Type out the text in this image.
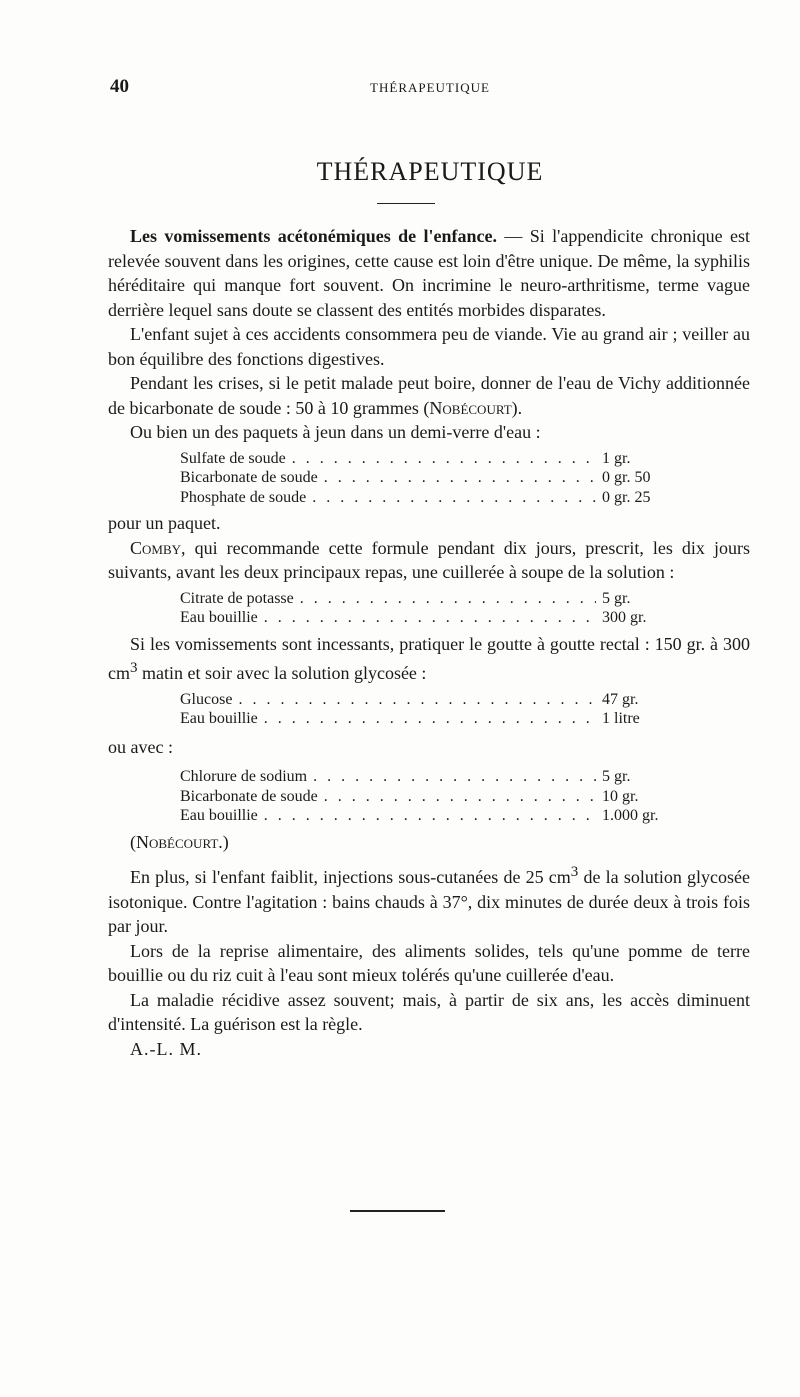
40	THÉRAPEUTIQUE
THÉRAPEUTIQUE

Les vomissements acétonémiques de l'enfance. — Si l'appendicite chronique est relevée souvent dans les origines, cette cause est loin d'être unique. De même, la syphilis héréditaire qui manque fort souvent. On incrimine le neuro-arthritisme, terme vague derrière lequel sans doute se classent des entités morbides disparates.

L'enfant sujet à ces accidents consommera peu de viande. Vie au grand air ; veiller au bon équilibre des fonctions digestives.

Pendant les crises, si le petit malade peut boire, donner de l'eau de Vichy additionnée de bicarbonate de soude : 50 à 10 grammes (Nobécourt).

Ou bien un des paquets à jeun dans un demi-verre d'eau :

Sulfate de soude . . .	1 gr.
Bicarbonate de soude . . .	0 gr. 50
Phosphate de soude . . .	0 gr. 25

pour un paquet.

Comby, qui recommande cette formule pendant dix jours, prescrit, les dix jours suivants, avant les deux principaux repas, une cuillerée à soupe de la solution :

Citrate de potasse . . .	5 gr.
Eau bouillie . . .	300 gr.

Si les vomissements sont incessants, pratiquer le goutte à goutte rectal : 150 gr. à 300 $cm^3$ matin et soir avec la solution glycosée :

Glucose . . .	47 gr.
Eau bouillie . . .	1 litre

ou avec :

Chlorure de sodium . . .	5 gr.
Bicarbonate de soude . . .	10 gr.
Eau bouillie . . .	1.000 gr.

(Nobécourt.)

En plus, si l'enfant faiblit, injections sous-cutanées de 25 $cm^3$ de la solution glycosée isotonique. Contre l'agitation : bains chauds à 37°, dix minutes de durée deux à trois fois par jour.

Lors de la reprise alimentaire, des aliments solides, tels qu'une pomme de terre bouillie ou du riz cuit à l'eau sont mieux tolérés qu'une cuillerée d'eau.

La maladie récidive assez souvent; mais, à partir de six ans, les accès diminuent d'intensité. La guérison est la règle.

A.-L. M.
